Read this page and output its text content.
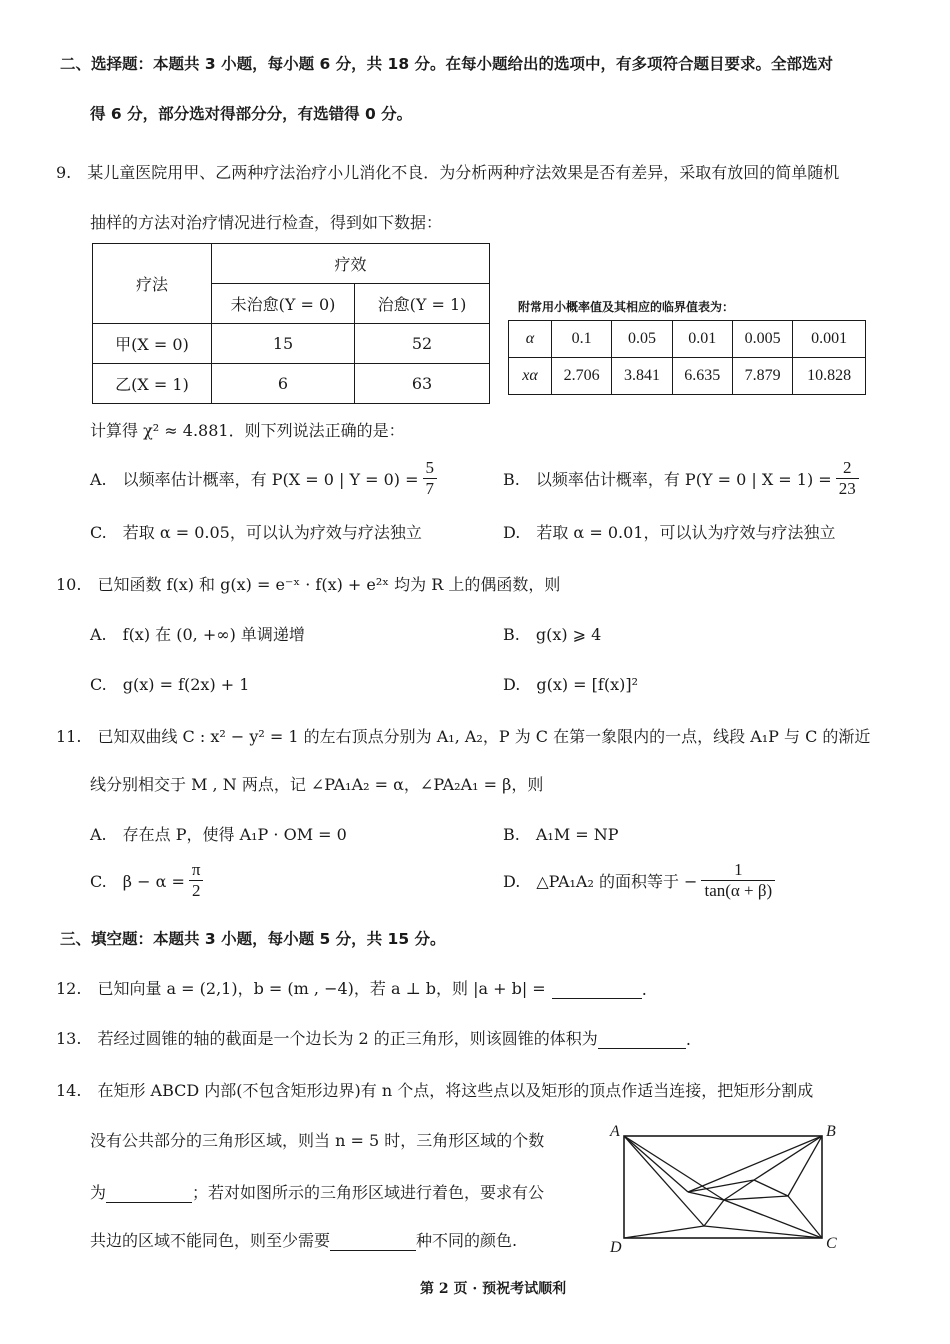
二、选择题：本题共 3 小题，每小题 6 分，共 18 分。在每小题给出的选项中，有多项符合题目要求。全部选对
得 6 分，部分选对得部分分，有选错得 0 分。
9.　某儿童医院用甲、乙两种疗法治疗小儿消化不良．为分析两种疗法效果是否有差异，采取有放回的简单随机
抽样的方法对治疗情况进行检查，得到如下数据：
疗法	疗效	
	未治愈(Y = 0)	治愈(Y = 1)
甲(X = 0)	15	52
乙(X = 1)	6	63
附常用小概率值及其相应的临界值表为：
α	0.1	0.05	0.01	0.005	0.001
xα	2.706	3.841	6.635	7.879	10.828
计算得 χ² ≈ 4.881．则下列说法正确的是：
A.　以频率估计概率，有 P(X = 0 | $Y = 0) = \frac{5}{7}$	B.　以频率估计概率，有 P(Y = 0 | $X = 1) = \frac{2}{23}$
C.　若取 α = 0.05，可以认为疗效与疗法独立	D.　若取 α = 0.01，可以认为疗效与疗法独立
10.　已知函数 f(x) 和 g(x) = e⁻ˣ · f(x) + e²ˣ 均为 R 上的偶函数，则
A.　f(x) 在 (0, +∞) 单调递增	B.　g(x) ⩾ 4
C.　g(x) = f(2x) + 1	D.　g(x) = [f(x)]²
11.　已知双曲线 C : x² − y² = 1 的左右顶点分别为 A₁, A₂，P 为 C 在第一象限内的一点，线段 A₁P 与 C 的渐近
线分别相交于 M , N 两点，记 ∠PA₁A₂ = α，∠PA₂A₁ = β，则
A.　存在点 P，使得 A₁P · OM = 0	B.　A₁M = NP
C.　$\beta - \alpha = \frac{\pi}{2}$	D.　△PA₁A₂ 的面积等于 − $\frac{1}{\tan(\alpha + \beta)}$
三、填空题：本题共 3 小题，每小题 5 分，共 15 分。
12.　已知向量 a = (2,1)，b = (m , −4)，若 a ⊥ b，则 |a + b| =	.
13.　若经过圆锥的轴的截面是一个边长为 2 的正三角形，则该圆锥的体积为	.
14.　在矩形 ABCD 内部(不包含矩形边界)有 n 个点，将这些点以及矩形的顶点作适当连接，把矩形分割成
没有公共部分的三角形区域，则当 n = 5 时，三角形区域的个数
为	；若对如图所示的三角形区域进行着色，要求有公
共边的区域不能同色，则至少需要	种不同的颜色.
A	B
C
D
第 2 页 · 预祝考试顺利
